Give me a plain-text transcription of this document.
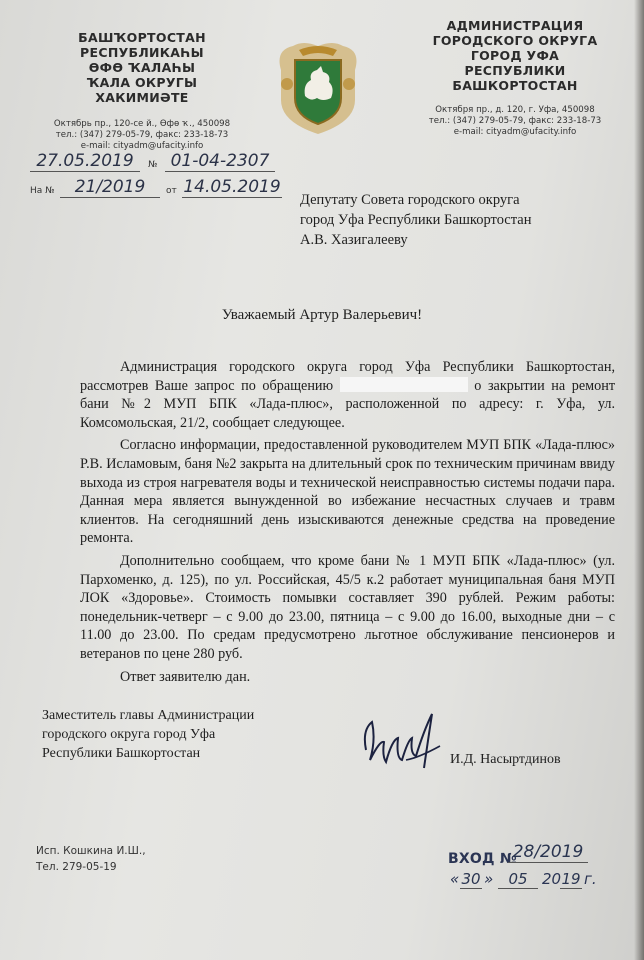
БАШҠОРТОСТАН РЕСПУБЛИКАҺЫ
ӨФӨ ҠАЛАҺЫ
ҠАЛА ОКРУГЫ
ХАКИМИӘТЕ
Октябрь пр., 120-се й., Өфө ҡ., 450098
тел.: (347) 279-05-79, факс: 233-18-73
e-mail: cityadm@ufacity.info
АДМИНИСТРАЦИЯ
ГОРОДСКОГО ОКРУГА
ГОРОД УФА
РЕСПУБЛИКИ БАШКОРТОСТАН
Октября пр., д. 120, г. Уфа, 450098
тел.: (347) 279-05-79, факс: 233-18-73
e-mail: cityadm@ufacity.info
27.05.2019	№ 01-04-2307
На №	21/2019	от 14.05.2019
Депутату Совета городского округа
город Уфа Республики Башкортостан
А.В. Хазигалееву
Уважаемый Артур Валерьевич!

Администрация городского округа город Уфа Республики Башкортостан, рассмотрев Ваше запрос по обращению	о закрытии на ремонт бани №2 МУП БПК «Лада-плюс», расположенной по адресу: г. Уфа, ул. Комсомольская, 21/2, сообщает следующее.

Согласно информации, предоставленной руководителем МУП БПК «Лада-плюс» Р.В. Исламовым, баня №2 закрыта на длительный срок по техническим причинам ввиду выхода из строя нагревателя воды и технической неисправностью системы подачи пара. Данная мера является вынужденной во избежание несчастных случаев и травм клиентов. На сегодняшний день изыскиваются денежные средства на проведение ремонта.

Дополнительно сообщаем, что кроме бани № 1 МУП БПК «Лада-плюс» (ул. Пархоменко, д. 125), по ул. Российская, 45/5 к.2 работает муниципальная баня МУП ЛОК «Здоровье». Стоимость помывки составляет 390 рублей. Режим работы: понедельник-четверг – с 9.00 до 23.00, пятница – с 9.00 до 16.00, выходные дни – с 11.00 до 23.00. По средам предусмотрено льготное обслуживание пенсионеров и ветеранов по цене 280 руб.

Ответ заявителю дан.

Заместитель главы Администрации
городского округа город Уфа
Республики Башкортостан	И.Д. Насыртдинов
Исп. Кошкина И.Ш.,
Тел. 279-05-19	ВХОД №
28/2019
« 30 »	05 20 19 г.
